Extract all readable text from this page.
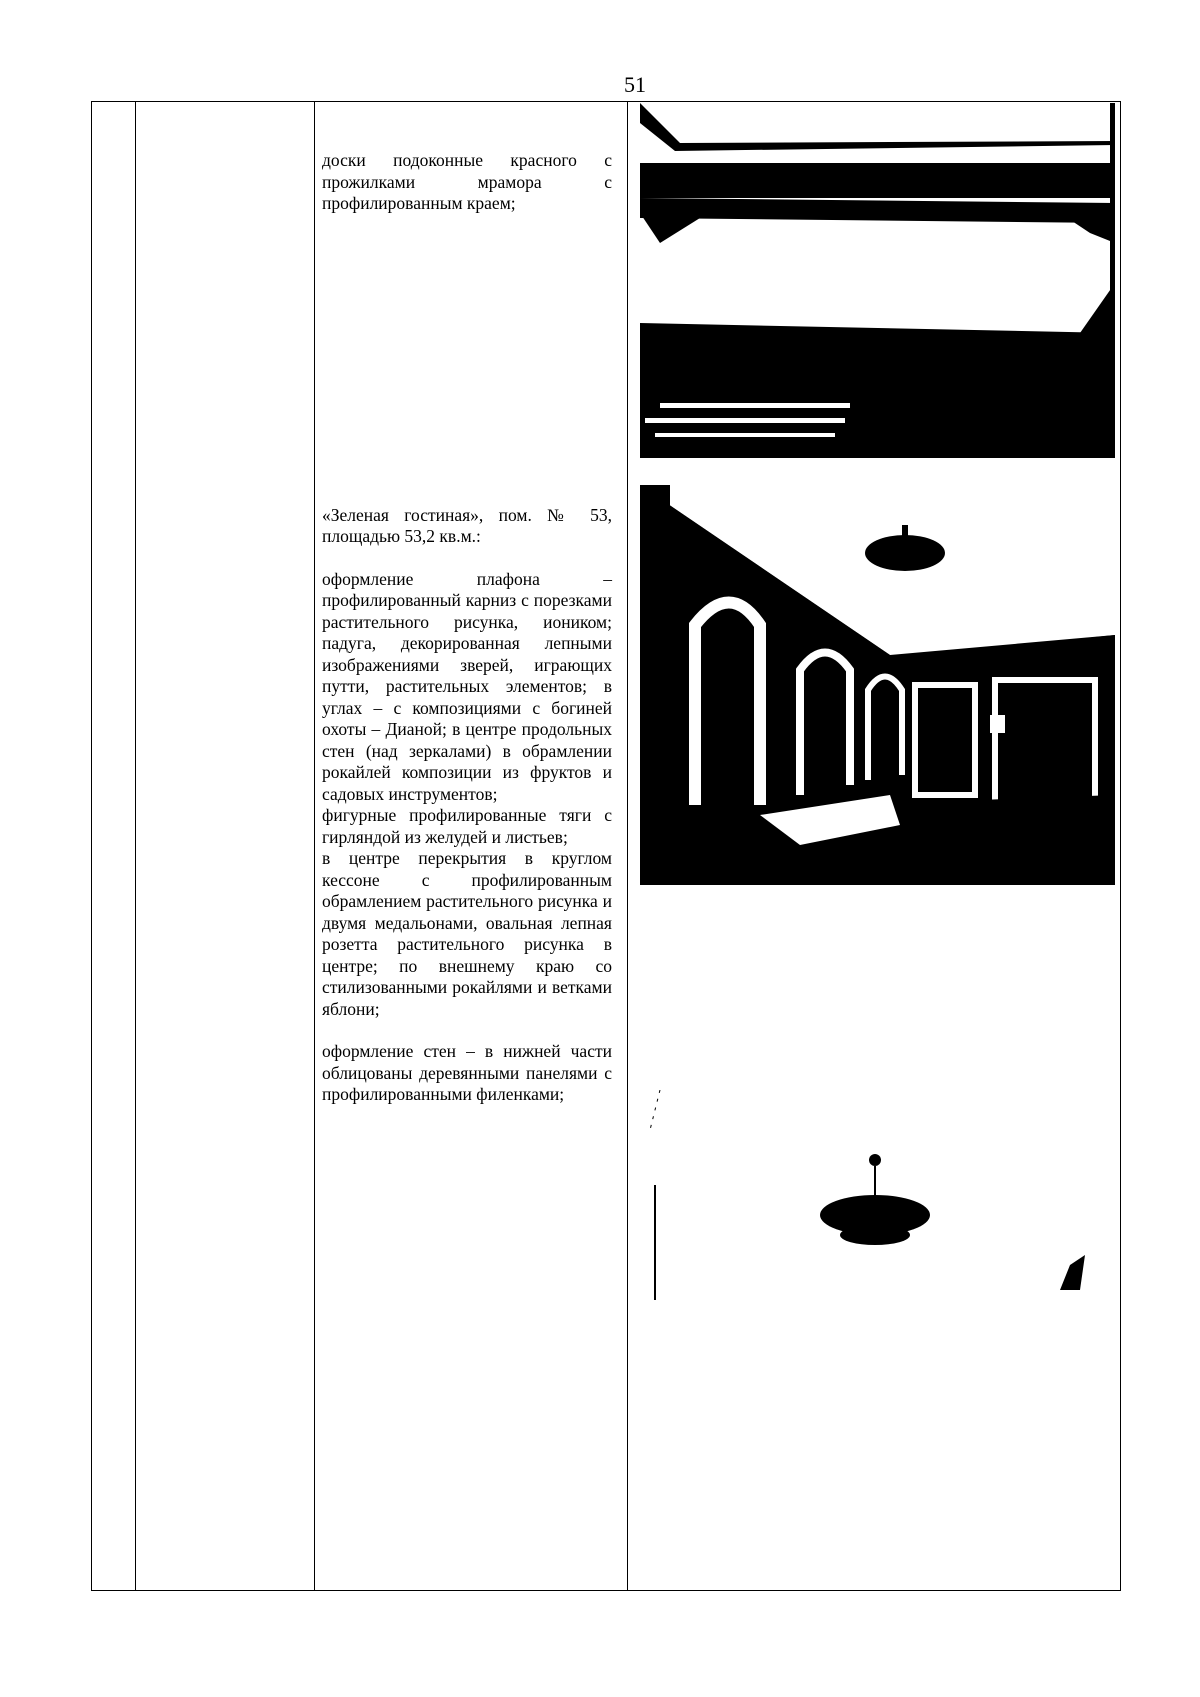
51

доски подоконные красного с прожилками мрамора с профилированным краем;

«Зеленая гостиная», пом. № 53, площадью 53,2 кв.м.:

оформление плафона – профилированный карниз с порезками растительного рисунка, иоником; падуга, декорированная лепными изображениями зверей, играющих путти, растительных элементов; в углах – с композициями с богиней охоты – Дианой; в центре продольных стен (над зеркалами) в обрамлении рокайлей композиции из фруктов и садовых инструментов;

фигурные профилированные тяги с гирляндой из желудей и листьев;

в центре перекрытия в круглом кессоне с профилированным обрамлением растительного рисунка и двумя медальонами, овальная лепная розетта растительного рисунка в центре; по внешнему краю со стилизованными рокайлями и ветками яблони;

оформление стен – в нижней части облицованы деревянными панелями с профилированными филенками;
